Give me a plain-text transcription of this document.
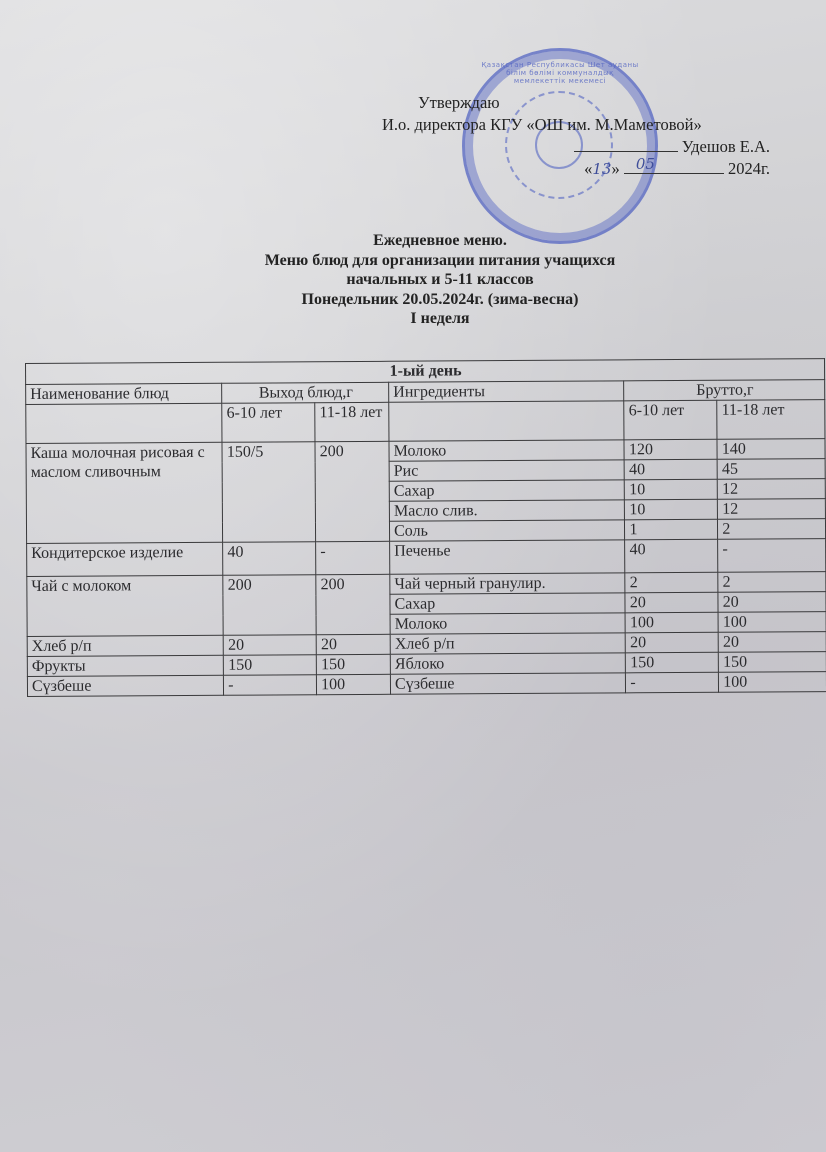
Қазақстан Республикасы Шет ауданы білім бөлімі коммуналдық мемлекеттік мекемесі
Утверждаю
И.о. директора КГУ «ОШ им. М.Маметовой»
Удешов Е.А.
«13» 05	2024г.
Ежедневное меню.
Меню блюд для организации питания учащихся
начальных и 5-11 классов
Понедельник 20.05.2024г. (зима-весна)
I неделя
1-ый день					
Наименование блюд	Выход блюд,г		Ингредиенты	Брутто,г	
	6-10 лет	11-18 лет		6-10 лет	11-18 лет
Каша молочная рисовая с маслом сливочным	150/5	200	Молоко	120	140
			Рис	40	45
			Сахар	10	12
			Масло слив.	10	12
			Соль	1	2
Кондитерское изделие	40	-	Печенье	40	-
Чай с молоком	200	200	Чай черный гранулир.	2	2
			Сахар	20	20
			Молоко	100	100
Хлеб р/п	20	20	Хлеб р/п	20	20
Фрукты	150	150	Яблоко	150	150
Сүзбеше	-	100	Сүзбеше	-	100
